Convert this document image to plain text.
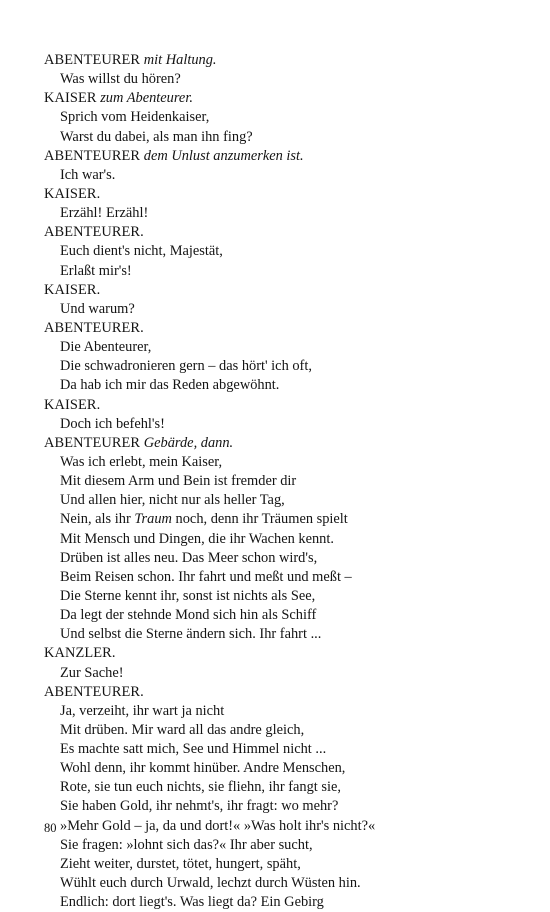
ABENTEURER mit Haltung.
Was willst du hören?
KAISER zum Abenteurer.
Sprich vom Heidenkaiser,
Warst du dabei, als man ihn fing?
ABENTEURER dem Unlust anzumerken ist.
Ich war's.
KAISER.
Erzähl! Erzähl!
ABENTEURER.
Euch dient's nicht, Majestät,
Erlaßt mir's!
KAISER.
Und warum?
ABENTEURER.
Die Abenteurer,
Die schwadronieren gern – das hört' ich oft,
Da hab ich mir das Reden abgewöhnt.
KAISER.
Doch ich befehl's!
ABENTEURER Gebärde, dann.
Was ich erlebt, mein Kaiser,
Mit diesem Arm und Bein ist fremder dir
Und allen hier, nicht nur als heller Tag,
Nein, als ihr Traum noch, denn ihr Träumen spielt
Mit Mensch und Dingen, die ihr Wachen kennt.
Drüben ist alles neu. Das Meer schon wird's,
Beim Reisen schon. Ihr fahrt und meßt und meßt –
Die Sterne kennt ihr, sonst ist nichts als See,
Da legt der stehnde Mond sich hin als Schiff
Und selbst die Sterne ändern sich. Ihr fahrt ...
KANZLER.
Zur Sache!
ABENTEURER.
Ja, verzeiht, ihr wart ja nicht
Mit drüben. Mir ward all das andre gleich,
Es machte satt mich, See und Himmel nicht ...
Wohl denn, ihr kommt hinüber. Andre Menschen,
Rote, sie tun euch nichts, sie fliehn, ihr fangt sie,
Sie haben Gold, ihr nehmt's, ihr fragt: wo mehr?
»Mehr Gold – ja, da und dort!« »Was holt ihr's nicht?«
Sie fragen: »lohnt sich das?« Ihr aber sucht,
Zieht weiter, durstet, tötet, hungert, späht,
Wühlt euch durch Urwald, lechzt durch Wüsten hin.
Endlich: dort liegt's. Was liegt da? Ein Gebirg
80
